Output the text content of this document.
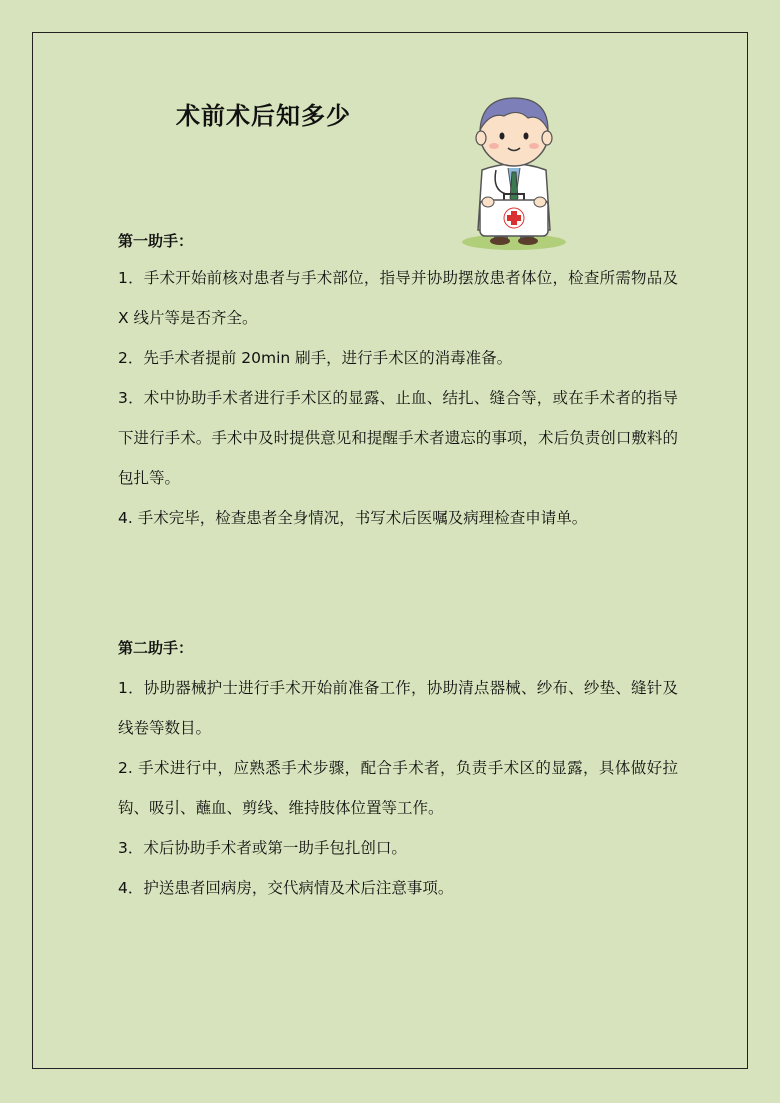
术前术后知多少
第一助手：

1．手术开始前核对患者与手术部位，指导并协助摆放患者体位，检查所需物品及 X 线片等是否齐全。

2．先手术者提前 20min 刷手，进行手术区的消毒准备。

3．术中协助手术者进行手术区的显露、止血、结扎、缝合等，或在手术者的指导下进行手术。手术中及时提供意见和提醒手术者遗忘的事项，术后负责创口敷料的包扎等。

4. 手术完毕，检查患者全身情况，书写术后医嘱及病理检查申请单。

第二助手：

1．协助器械护士进行手术开始前准备工作，协助清点器械、纱布、纱垫、缝针及线卷等数目。

2. 手术进行中，应熟悉手术步骤，配合手术者，负责手术区的显露，具体做好拉钩、吸引、蘸血、剪线、维持肢体位置等工作。

3．术后协助手术者或第一助手包扎创口。

4．护送患者回病房，交代病情及术后注意事项。
